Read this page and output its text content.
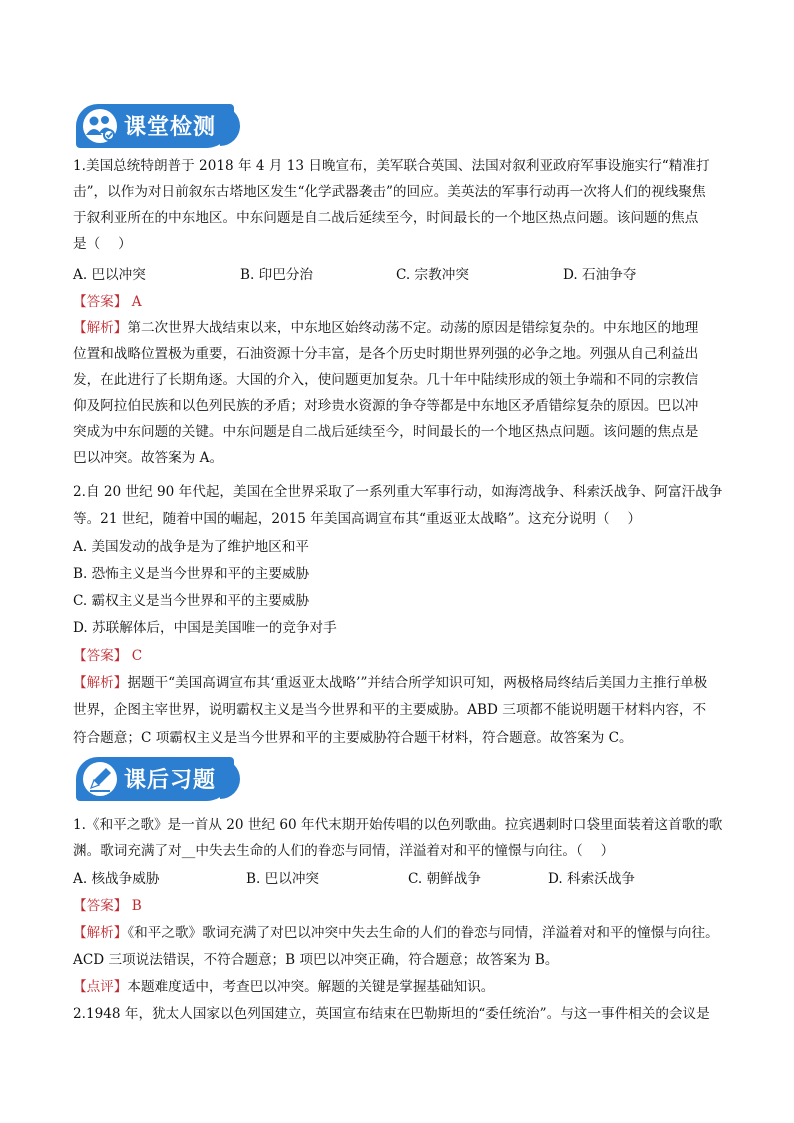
课堂检测
1.美国总统特朗普于 2018 年 4 月 13 日晚宣布，美军联合英国、法国对叙利亚政府军事设施实行“精准打
击”，以作为对日前叙东古塔地区发生“化学武器袭击”的回应。美英法的军事行动再一次将人们的视线聚焦
于叙利亚所在的中东地区。中东问题是自二战后延续至今，时间最长的一个地区热点问题。该问题的焦点
是（　 ）
A. 巴以冲突	B. 印巴分治	C. 宗教冲突	D. 石油争夺
【答案】 A
【解析】第二次世界大战结束以来，中东地区始终动荡不定。动荡的原因是错综复杂的。中东地区的地理
位置和战略位置极为重要，石油资源十分丰富，是各个历史时期世界列强的必争之地。列强从自己利益出
发，在此进行了长期角逐。大国的介入，使问题更加复杂。几十年中陆续形成的领土争端和不同的宗教信
仰及阿拉伯民族和以色列民族的矛盾；对珍贵水资源的争夺等都是中东地区矛盾错综复杂的原因。巴以冲
突成为中东问题的关键。中东问题是自二战后延续至今，时间最长的一个地区热点问题。该问题的焦点是
巴以冲突。故答案为 A。
2.自 20 世纪 90 年代起，美国在全世界采取了一系列重大军事行动，如海湾战争、科索沃战争、阿富汗战争
等。21 世纪，随着中国的崛起，2015 年美国高调宣布其“重返亚太战略”。这充分说明（　 ）
A. 美国发动的战争是为了维护地区和平
B. 恐怖主义是当今世界和平的主要威胁
C. 霸权主义是当今世界和平的主要威胁
D. 苏联解体后，中国是美国唯一的竞争对手
【答案】 C
【解析】据题干“美国高调宣布其‘重返亚太战略’”并结合所学知识可知，两极格局终结后美国力主推行单极
世界，企图主宰世界，说明霸权主义是当今世界和平的主要威胁。ABD 三项都不能说明题干材料内容，不
符合题意；C 项霸权主义是当今世界和平的主要威胁符合题干材料，符合题意。故答案为 C。
课后习题
1.《和平之歌》是一首从 20 世纪 60 年代末期开始传唱的以色列歌曲。拉宾遇刺时口袋里面装着这首歌的歌
渊。歌词充满了对__中失去生命的人们的眷恋与同情，洋溢着对和平的憧憬与向往。（　 ）
A. 核战争威胁	B. 巴以冲突	C. 朝鲜战争	D. 科索沃战争
【答案】 B
【解析】《和平之歌》歌词充满了对巴以冲突中失去生命的人们的眷恋与同情，洋溢着对和平的憧憬与向往。
ACD 三项说法错误，不符合题意；B 项巴以冲突正确，符合题意；故答案为 B。
【点评】本题难度适中，考查巴以冲突。解题的关键是掌握基础知识。
2.1948 年，犹太人国家以色列国建立，英国宣布结束在巴勒斯坦的“委任统治”。与这一事件相关的会议是
